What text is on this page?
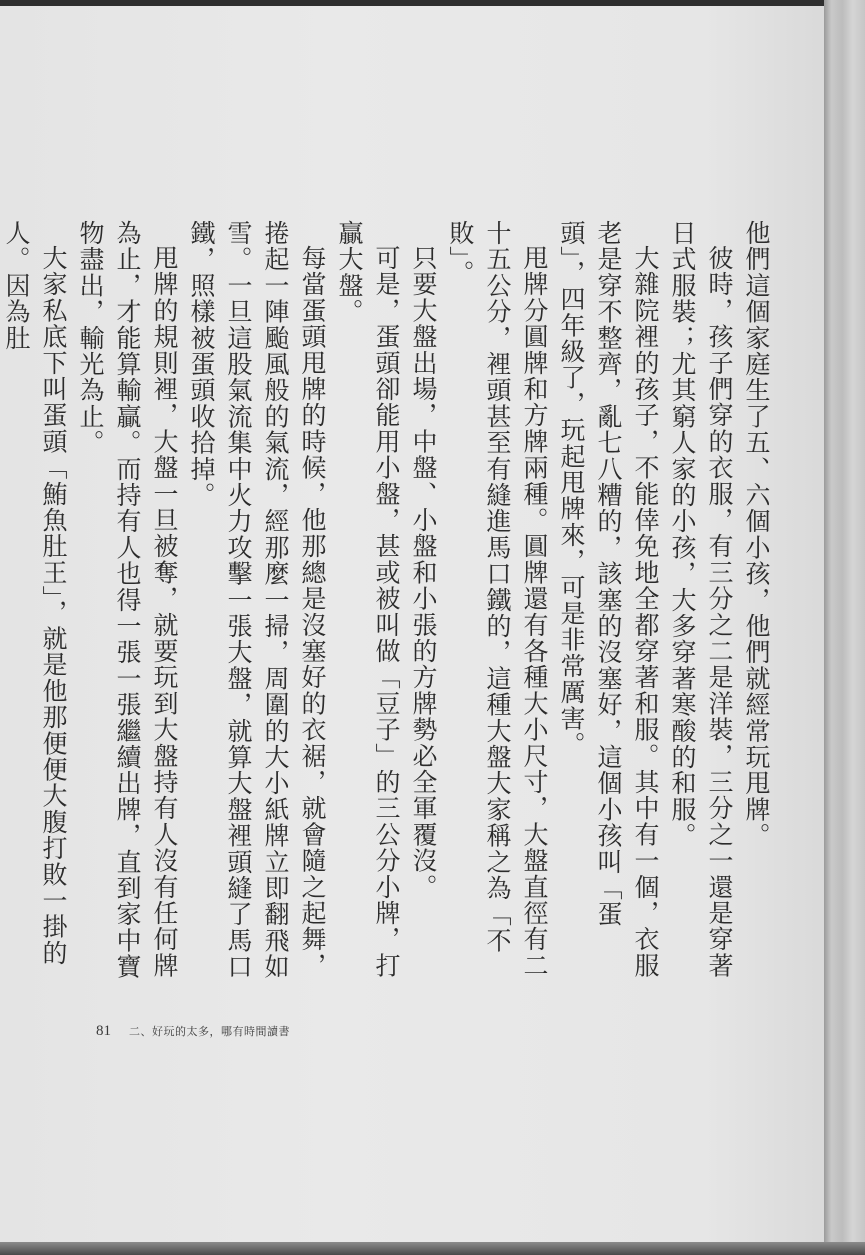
他們這個家庭生了五、六個小孩，他們就經常玩甩牌。

彼時，孩子們穿的衣服，有三分之二是洋裝，三分之一還是穿著日式服裝；尤其窮人家的小孩，大多穿著寒酸的和服。

大雜院裡的孩子，不能倖免地全都穿著和服。其中有一個，衣服老是穿不整齊，亂七八糟的，該塞的沒塞好，這個小孩叫「蛋頭」，四年級了，玩起甩牌來，可是非常厲害。

甩牌分圓牌和方牌兩種。圓牌還有各種大小尺寸，大盤直徑有二十五公分，裡頭甚至有縫進馬口鐵的，這種大盤大家稱之為「不敗」。

只要大盤出場，中盤、小盤和小張的方牌勢必全軍覆沒。

可是，蛋頭卻能用小盤，甚或被叫做「豆子」的三公分小牌，打贏大盤。

每當蛋頭甩牌的時候，他那總是沒塞好的衣裾，就會隨之起舞，捲起一陣颱風般的氣流，經那麼一掃，周圍的大小紙牌立即翻飛如雪。一旦這股氣流集中火力攻擊一張大盤，就算大盤裡頭縫了馬口鐵，照樣被蛋頭收拾掉。

甩牌的規則裡，大盤一旦被奪，就要玩到大盤持有人沒有任何牌為止，才能算輸贏。而持有人也得一張一張繼續出牌，直到家中寶物盡出，輸光為止。

大家私底下叫蛋頭「鮪魚肚王」，就是他那便便大腹打敗一掛的人。因為肚

81 二、好玩的太多，哪有時間讀書
